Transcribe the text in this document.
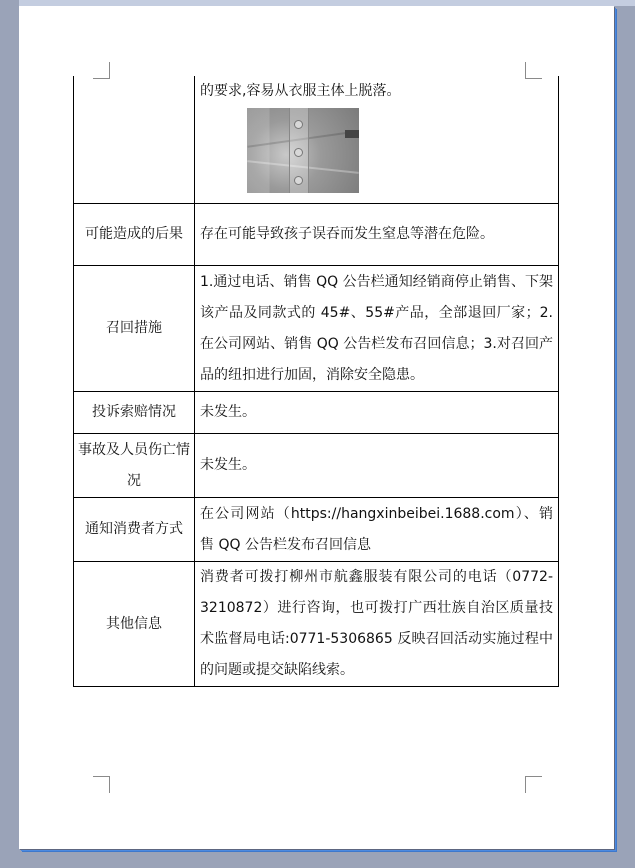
	的要求,容易从衣服主体上脱落。

可能造成的后果	存在可能导致孩子误吞而发生窒息等潜在危险。
召回措施	1.通过电话、销售 QQ 公告栏通知经销商停止销售、下架该产品及同款式的 45#、55#产品，全部退回厂家；2.在公司网站、销售 QQ 公告栏发布召回信息；3.对召回产品的纽扣进行加固，消除安全隐患。
投诉索赔情况	未发生。
事故及人员伤亡情况	未发生。
通知消费者方式	在公司网站（https://hangxinbeibei.1688.com）、销售 QQ 公告栏发布召回信息
其他信息	消费者可拨打柳州市航鑫服装有限公司的电话（0772-3210872）进行咨询，也可拨打广西壮族自治区质量技术监督局电话:0771-5306865 反映召回活动实施过程中的问题或提交缺陷线索。
